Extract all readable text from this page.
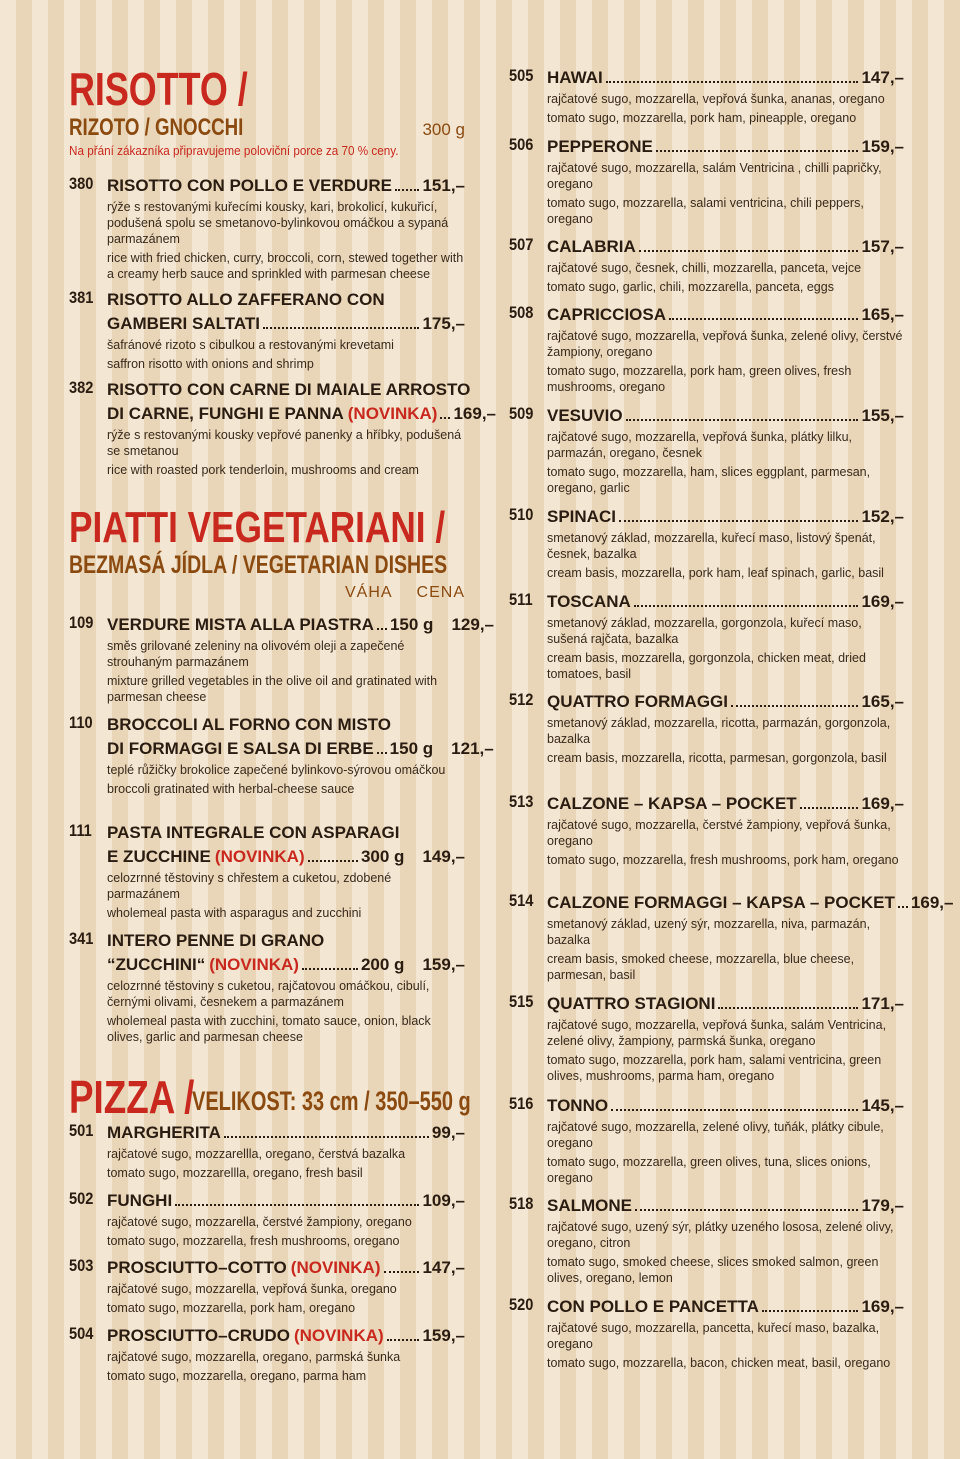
RISOTTO /
RIZOTO / GNOCCHI	300 g
Na přání zákazníka připravujeme poloviční porce za 70 % ceny.
380 RISOTTO CON POLLO E VERDURE 151,–
rýže s restovanými kuřecími kousky, kari, brokolicí, kukuřicí, podušená spolu se smetanovo-bylinkovou omáčkou a sypaná parmazánem
rice with fried chicken, curry, broccoli, corn, stewed together with a creamy herb sauce and sprinkled with parmesan cheese
381 RISOTTO ALLO ZAFFERANO CON
GAMBERI SALTATI	175,–
šafránové rizoto s cibulkou a restovanými krevetami
saffron risotto with onions and shrimp
382 RISOTTO CON CARNE DI MAIALE ARROSTO
DI CARNE, FUNGHI E PANNA (NOVINKA) 169,–
rýže s restovanými kousky vepřové panenky a hříbky, podušená se smetanou
rice with roasted pork tenderloin, mushrooms and cream
PIATTI VEGETARIANI /
BEZMASÁ JÍDLA / VEGETARIAN DISHES
VÁHA CENA
109 VERDURE MISTA ALLA PIASTRA 150 g 129,–
směs grilované zeleniny na olivovém oleji a zapečené strouhaným parmazánem
mixture grilled vegetables in the olive oil and gratinated with parmesan cheese
110 BROCCOLI AL FORNO CON MISTO
DI FORMAGGI E SALSA DI ERBE 150 g 121,–
teplé růžičky brokolice zapečené bylinkovo-sýrovou omáčkou
broccoli gratinated with herbal-cheese sauce
111 PASTA INTEGRALE CON ASPARAGI
E ZUCCHINE (NOVINKA)	300 g 149,–
celozrnné těstoviny s chřestem a cuketou, zdobené parmazánem
wholemeal pasta with asparagus and zucchini
341 INTERO PENNE DI GRANO
“ZUCCHINI“ (NOVINKA)	200 g 159,–
celozrnné těstoviny s cuketou, rajčatovou omáčkou, cibulí, černými olivami, česnekem a parmazánem
wholemeal pasta with zucchini, tomato sauce, onion, black olives, garlic and parmesan cheese
PIZZA /
VELIKOST: 33 cm / 350–550 g
501 MARGHERITA	99,–
rajčatové sugo, mozzarellla, oregano, čerstvá bazalka
tomato sugo, mozzarellla, oregano, fresh basil
502 FUNGHI	109,–
rajčatové sugo, mozzarella, čerstvé žampiony, oregano
tomato sugo, mozzarella, fresh mushrooms, oregano
503 PROSCIUTTO–COTTO (NOVINKA) 147,–
rajčatové sugo, mozzarella, vepřová šunka, oregano
tomato sugo, mozzarella, pork ham, oregano
504 PROSCIUTTO–CRUDO (NOVINKA) 159,–
rajčatové sugo, mozzarella, oregano, parmská šunka
tomato sugo, mozzarella, oregano, parma ham
505 HAWAI	147,–
rajčatové sugo, mozzarella, vepřová šunka, ananas, oregano
tomato sugo, mozzarella, pork ham, pineapple, oregano
506 PEPPERONE	159,–
rajčatové sugo, mozzarella, salám Ventricina , chilli papričky, oregano
tomato sugo, mozzarella, salami ventricina, chili peppers, oregano
507 CALABRIA	157,–
rajčatové sugo, česnek, chilli, mozzarella, panceta, vejce
tomato sugo, garlic, chili, mozzarella, panceta, eggs
508 CAPRICCIOSA	165,–
rajčatové sugo, mozzarella, vepřová šunka, zelené olivy, čerstvé žampiony, oregano
tomato sugo, mozzarella, pork ham, green olives, fresh mushrooms, oregano
509 VESUVIO	155,–
rajčatové sugo, mozzarella, vepřová šunka, plátky lilku, parmazán, oregano, česnek
tomato sugo, mozzarella, ham, slices eggplant, parmesan, oregano, garlic
510 SPINACI	152,–
smetanový základ, mozzarella, kuřecí maso, listový špenát, česnek, bazalka
cream basis, mozzarella, pork ham, leaf spinach, garlic, basil
511 TOSCANA	169,–
smetanový základ, mozzarella, gorgonzola, kuřecí maso, sušená rajčata, bazalka
cream basis, mozzarella, gorgonzola, chicken meat, dried tomatoes, basil
512 QUATTRO FORMAGGI	165,–
smetanový základ, mozzarella, ricotta, parmazán, gorgonzola, bazalka
cream basis, mozzarella, ricotta, parmesan, gorgonzola, basil
513 CALZONE – KAPSA – POCKET	169,–
rajčatové sugo, mozzarella, čerstvé žampiony, vepřová šunka, oregano
tomato sugo, mozzarella, fresh mushrooms, pork ham, oregano
514 CALZONE FORMAGGI – KAPSA – POCKET 169,–
smetanový základ, uzený sýr, mozzarella, niva, parmazán, bazalka
cream basis, smoked cheese, mozzarella, blue cheese, parmesan, basil
515 QUATTRO STAGIONI	171,–
rajčatové sugo, mozzarella, vepřová šunka, salám Ventricina, zelené olivy, žampiony, parmská šunka, oregano
tomato sugo, mozzarella, pork ham, salami ventricina, green olives, mushrooms, parma ham, oregano
516 TONNO	145,–
rajčatové sugo, mozzarella, zelené olivy, tuňák, plátky cibule, oregano
tomato sugo, mozzarella, green olives, tuna, slices onions, oregano
518 SALMONE	179,–
rajčatové sugo, uzený sýr, plátky uzeného lososa, zelené olivy, oregano, citron
tomato sugo, smoked cheese, slices smoked salmon, green olives, oregano, lemon
520 CON POLLO E PANCETTA	169,–
rajčatové sugo, mozzarella, pancetta, kuřecí maso, bazalka, oregano
tomato sugo, mozzarella, bacon, chicken meat, basil, oregano
